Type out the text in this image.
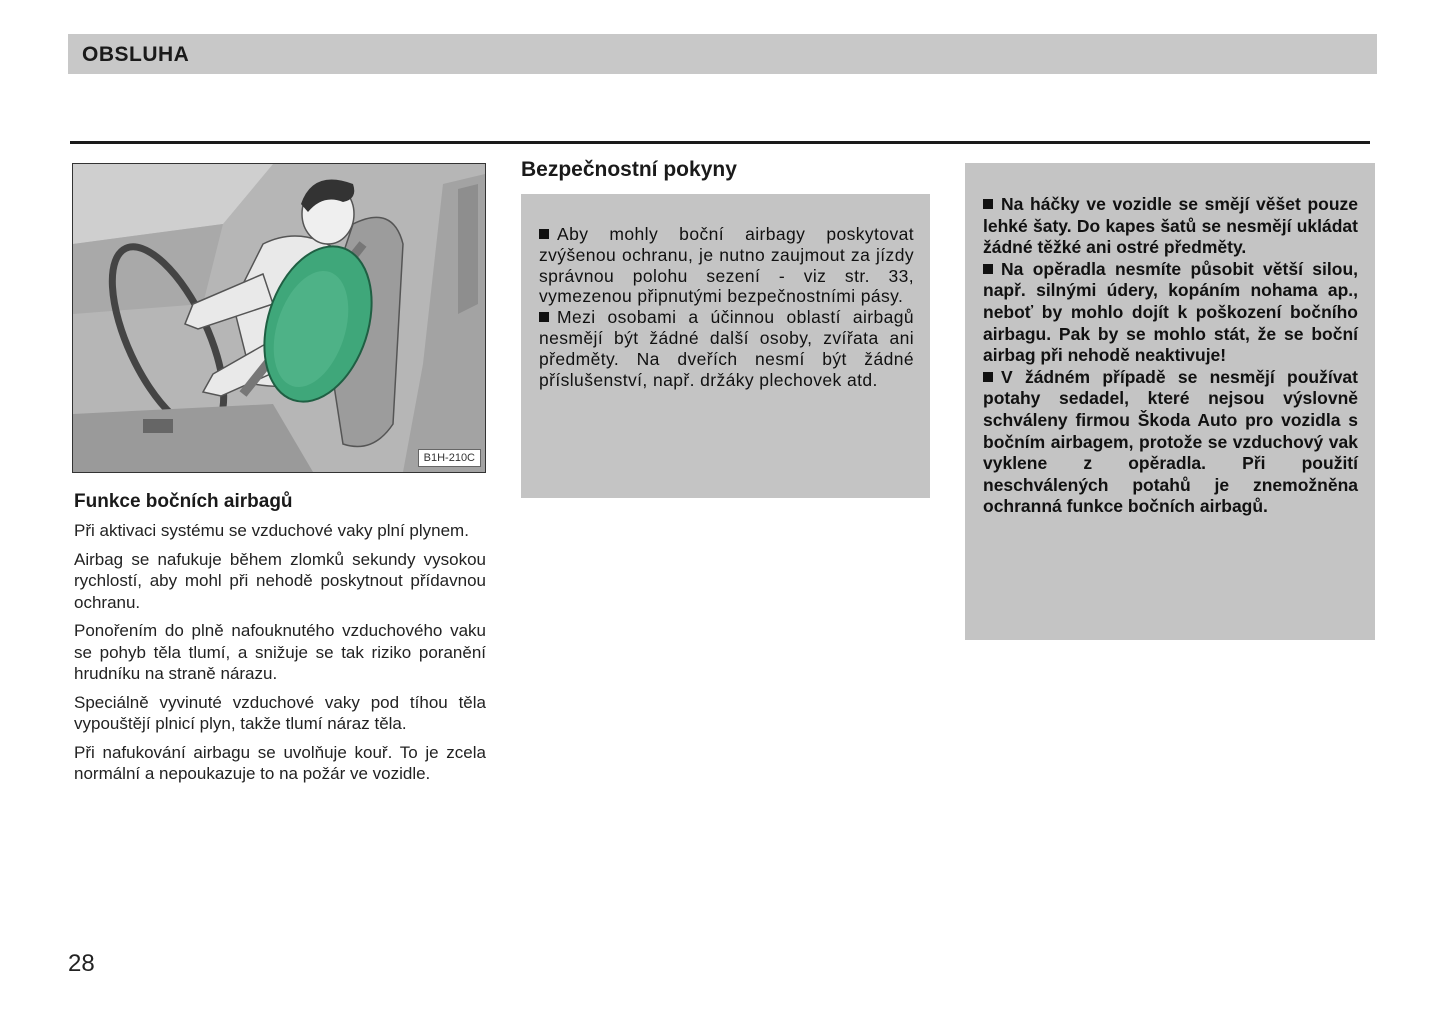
OBSLUHA
B1H-210C
Funkce bočních airbagů

Při aktivaci systému se vzduchové vaky plní plynem.

Airbag se nafukuje během zlomků sekundy vysokou rychlostí, aby mohl při nehodě poskytnout přídavnou ochranu.

Ponořením do plně nafouknutého vzduchového vaku se pohyb těla tlumí, a snižuje se tak riziko poranění hrudníku na straně nárazu.

Speciálně vyvinuté vzduchové vaky pod tíhou těla vypouštějí plnicí plyn, takže tlumí náraz těla.

Při nafukování airbagu se uvolňuje kouř. To je zcela normální a nepoukazuje to na požár ve vozidle.

Bezpečnostní pokyny

Aby mohly boční airbagy poskytovat zvýšenou ochranu, je nutno zaujmout za jízdy správnou polohu sezení - viz str. 33, vymezenou připnutými bezpečnostními pásy.

Mezi osobami a účinnou oblastí airbagů nesmějí být žádné další osoby, zvířata ani předměty. Na dveřích nesmí být žádné příslušenství, např. držáky plechovek atd.

Na háčky ve vozidle se smějí věšet pouze lehké šaty. Do kapes šatů se nesmějí ukládat žádné těžké ani ostré předměty.

Na opěradla nesmíte působit větší silou, např. silnými údery, kopáním nohama ap., neboť by mohlo dojít k poškození bočního airbagu. Pak by se mohlo stát, že se boční airbag při nehodě neaktivuje!

V žádném případě se nesmějí používat potahy sedadel, které nejsou výslovně schváleny firmou Škoda Auto pro vozidla s bočním airbagem, protože se vzduchový vak vyklene z opěradla. Při použití neschválených potahů je znemožněna ochranná funkce bočních airbagů.

28
